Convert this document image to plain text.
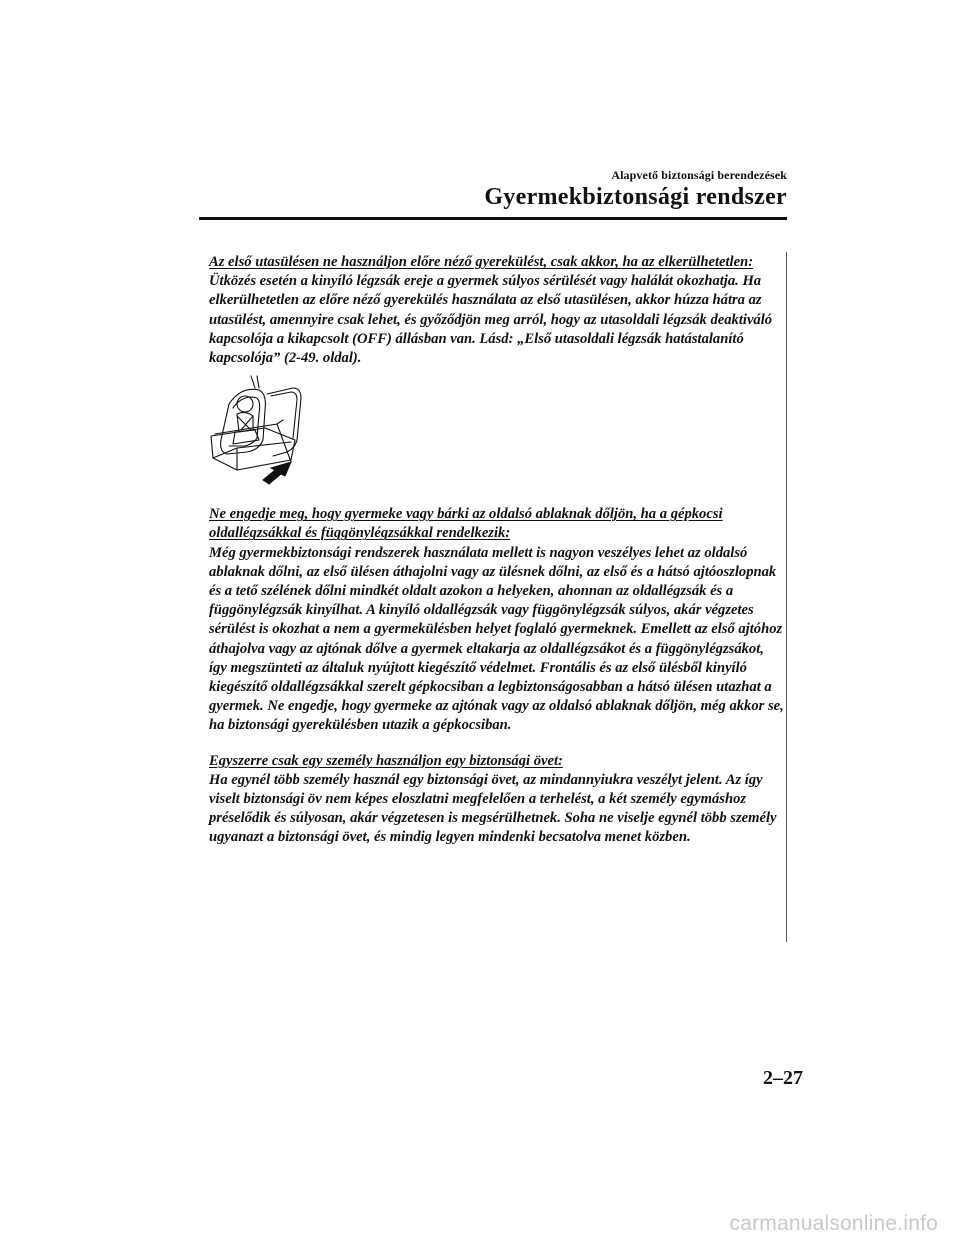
Alapvető biztonsági berendezések
Gyermekbiztonsági rendszer
Az első utasülésen ne használjon előre néző gyerekülést, csak akkor, ha az elkerülhetetlen:
Ütközés esetén a kinyíló légzsák ereje a gyermek súlyos sérülését vagy halálát okozhatja. Ha elkerülhetetlen az előre néző gyerekülés használata az első utasülésen, akkor húzza hátra az utasülést, amennyire csak lehet, és győződjön meg arról, hogy az utasoldali légzsák deaktiváló kapcsolója a kikapcsolt (OFF) állásban van. Lásd: „Első utasoldali légzsák hatástalanító kapcsolója” (2-49. oldal).
Ne engedje meg, hogy gyermeke vagy bárki az oldalsó ablaknak dőljön, ha a gépkocsi oldallégzsákkal és függönylégzsákkal rendelkezik:
Még gyermekbiztonsági rendszerek használata mellett is nagyon veszélyes lehet az oldalsó ablaknak dőlni, az első ülésen áthajolni vagy az ülésnek dőlni, az első és a hátsó ajtóoszlopnak és a tető szélének dőlni mindkét oldalt azokon a helyeken, ahonnan az oldallégzsák és a függönylégzsák kinyílhat. A kinyíló oldallégzsák vagy függönylégzsák súlyos, akár végzetes sérülést is okozhat a nem a gyermekülésben helyet foglaló gyermeknek. Emellett az első ajtóhoz áthajolva vagy az ajtónak dőlve a gyermek eltakarja az oldallégzsákot és a függönylégzsákot, így megszünteti az általuk nyújtott kiegészítő védelmet. Frontális és az első ülésből kinyíló kiegészítő oldallégzsákkal szerelt gépkocsiban a legbiztonságosabban a hátsó ülésen utazhat a gyermek. Ne engedje, hogy gyermeke az ajtónak vagy az oldalsó ablaknak dőljön, még akkor se, ha biztonsági gyerekülésben utazik a gépkocsiban.
Egyszerre csak egy személy használjon egy biztonsági övet:
Ha egynél több személy használ egy biztonsági övet, az mindannyiukra veszélyt jelent. Az így viselt biztonsági öv nem képes eloszlatni megfelelően a terhelést, a két személy egymáshoz préselődik és súlyosan, akár végzetesen is megsérülhetnek. Soha ne viselje egynél több személy ugyanazt a biztonsági övet, és mindig legyen mindenki becsatolva menet közben.
2–27
carmanualsonline.info
